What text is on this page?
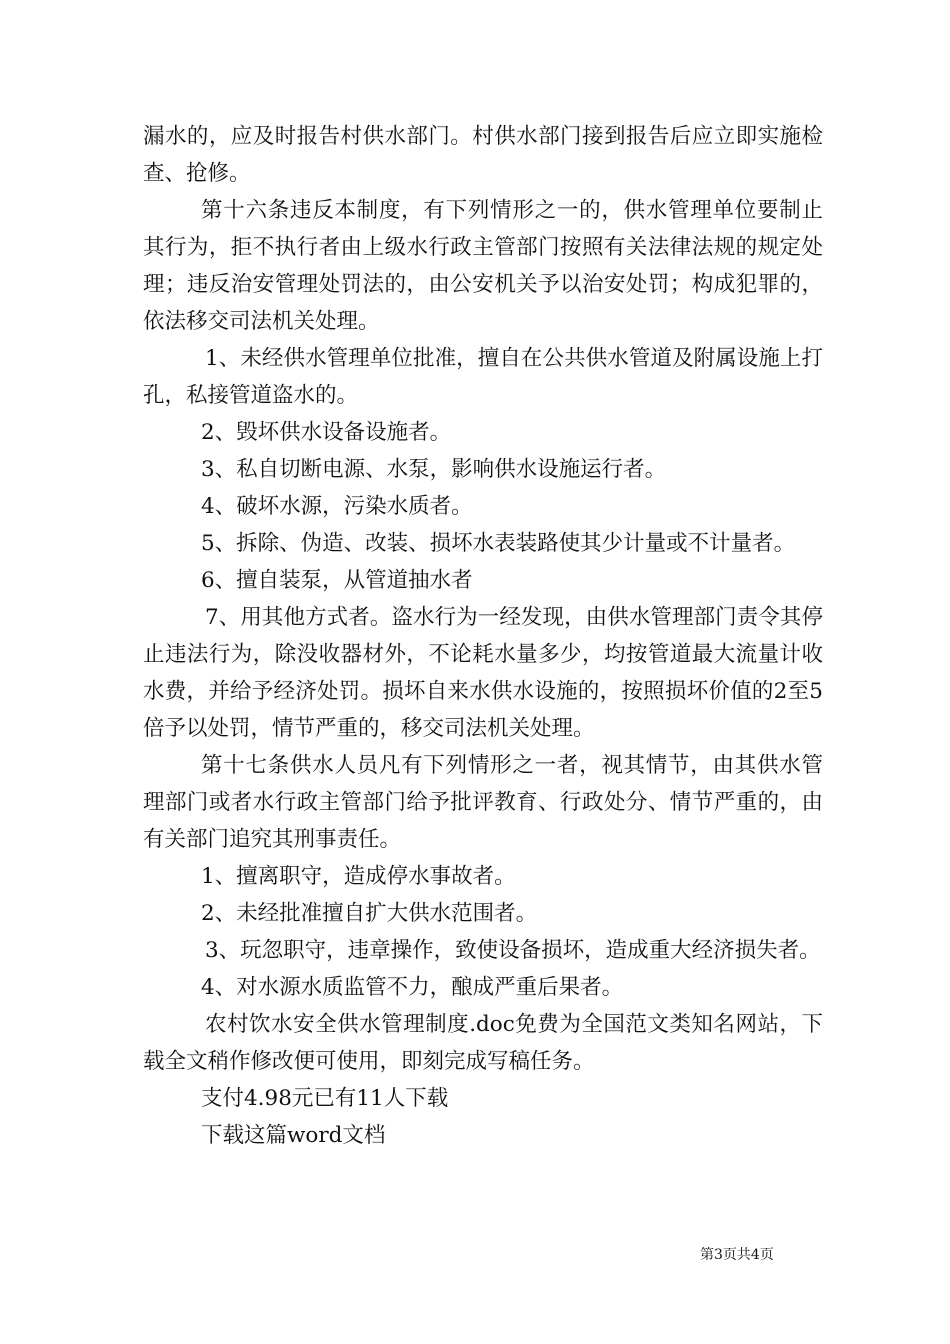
漏水的，应及时报告村供水部门。村供水部门接到报告后应立即实施检查、抢修。

第十六条违反本制度，有下列情形之一的，供水管理单位要制止其行为，拒不执行者由上级水行政主管部门按照有关法律法规的规定处理；违反治安管理处罚法的，由公安机关予以治安处罚；构成犯罪的，依法移交司法机关处理。

1、未经供水管理单位批准，擅自在公共供水管道及附属设施上打孔，私接管道盗水的。

2、毁坏供水设备设施者。

3、私自切断电源、水泵，影响供水设施运行者。

4、破坏水源，污染水质者。

5、拆除、伪造、改装、损坏水表装路使其少计量或不计量者。

6、擅自装泵，从管道抽水者

7、用其他方式者。盗水行为一经发现，由供水管理部门责令其停止违法行为，除没收器材外，不论耗水量多少，均按管道最大流量计收水费，并给予经济处罚。损坏自来水供水设施的，按照损坏价值的2至5倍予以处罚，情节严重的，移交司法机关处理。

第十七条供水人员凡有下列情形之一者，视其情节，由其供水管理部门或者水行政主管部门给予批评教育、行政处分、情节严重的，由有关部门追究其刑事责任。

1、擅离职守，造成停水事故者。

2、未经批准擅自扩大供水范围者。

3、玩忽职守，违章操作，致使设备损坏，造成重大经济损失者。

4、对水源水质监管不力，酿成严重后果者。

农村饮水安全供水管理制度.doc免费为全国范文类知名网站，下载全文稍作修改便可使用，即刻完成写稿任务。

支付4.98元已有11人下载

下载这篇word文档

第3页共4页
